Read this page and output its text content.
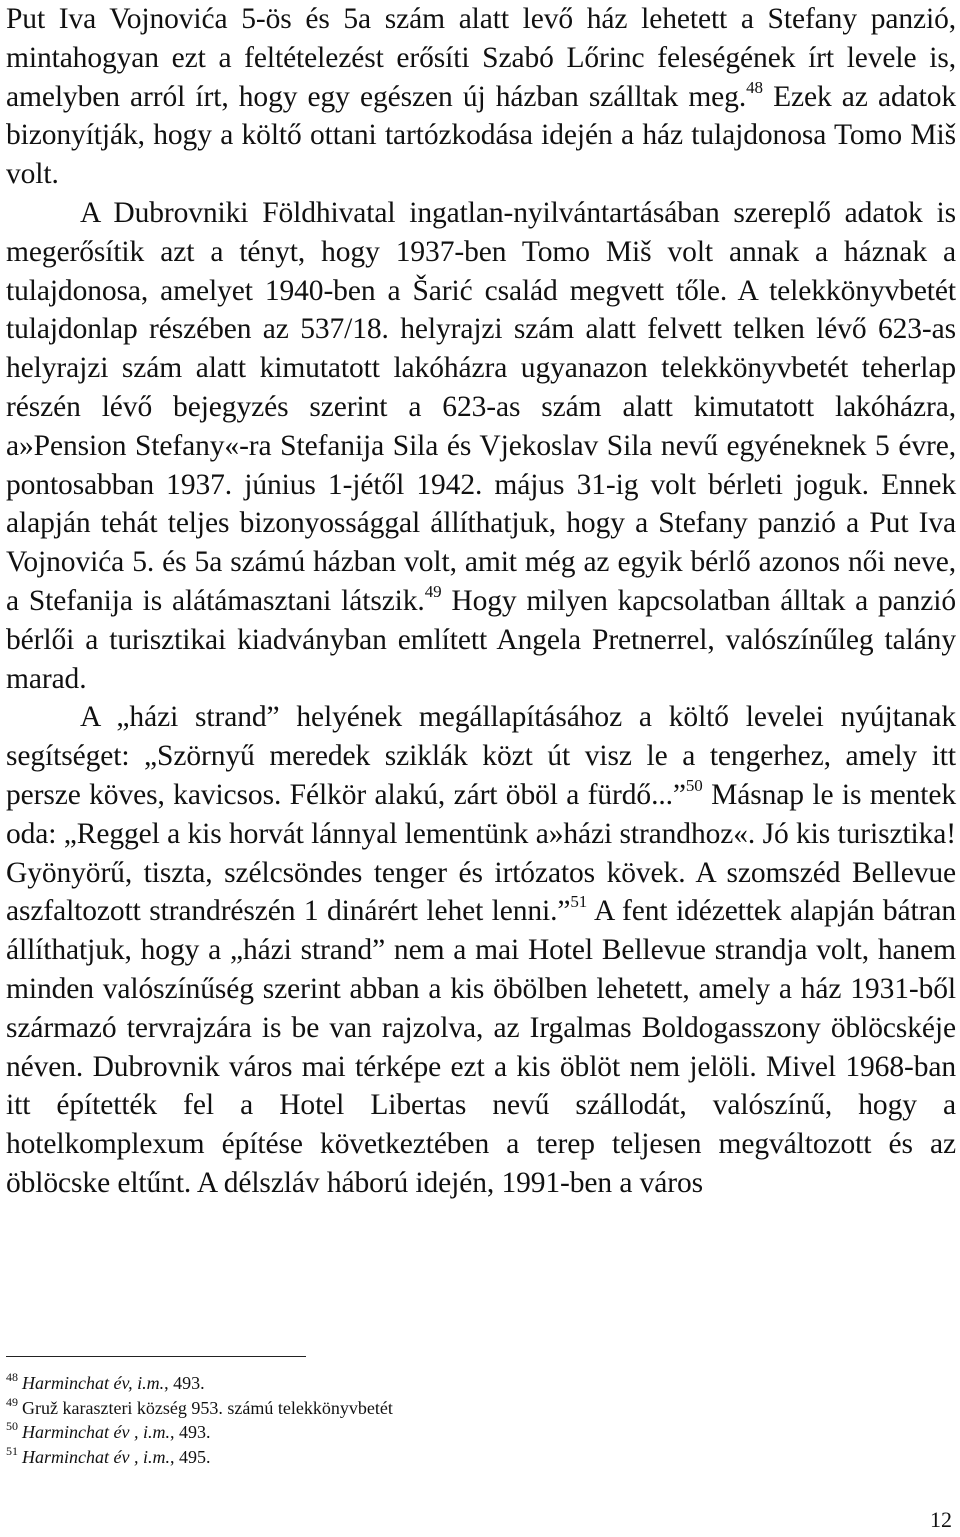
Put Iva Vojnovića 5-ös és 5a szám alatt levő ház lehetett a Stefany panzió, mintahogyan ezt a feltételezést erősíti Szabó Lőrinc feleségének írt levele is, amelyben arról írt, hogy egy egészen új házban szálltak meg.$^{48}$ Ezek az adatok bizonyítják, hogy a költő ottani tartózkodása idején a ház tulajdonosa Tomo Miš volt.

A Dubrovniki Földhivatal ingatlan-nyilvántartásában szereplő adatok is megerősítik azt a tényt, hogy 1937-ben Tomo Miš volt annak a háznak a tulajdonosa, amelyet 1940-ben a Šarić család megvett tőle. A telekkönyvbetét tulajdonlap részében az 537/18. helyrajzi szám alatt felvett telken lévő 623-as helyrajzi szám alatt kimutatott lakóházra ugyanazon telekkönyvbetét teherlap részén lévő bejegyzés szerint a 623-as szám alatt kimutatott lakóházra, a»Pension Stefany«-ra Stefanija Sila és Vjekoslav Sila nevű egyéneknek 5 évre, pontosabban 1937. június 1-jétől 1942. május 31-ig volt bérleti joguk. Ennek alapján tehát teljes bizonyossággal állíthatjuk, hogy a Stefany panzió a Put Iva Vojnovića 5. és 5a számú házban volt, amit még az egyik bérlő azonos női neve, a Stefanija is alátámasztani látszik.$^{49}$ Hogy milyen kapcsolatban álltak a panzió bérlői a turisztikai kiadványban említett Angela Pretnerrel, valószínűleg talány marad.

A „házi strand” helyének megállapításához a költő levelei nyújtanak segítséget: „Szörnyű meredek sziklák közt út visz le a tengerhez, amely itt persze köves, kavicsos. Félkör alakú, zárt öböl a fürdő...”$^{50}$ Másnap le is mentek oda: „Reggel a kis horvát lánnyal lementünk a»házi strandhoz«. Jó kis turisztika! Gyönyörű, tiszta, szélcsöndes tenger és irtózatos kövek. A szomszéd Bellevue aszfaltozott strandrészén 1 dinárért lehet lenni.”$^{51}$ A fent idézettek alapján bátran állíthatjuk, hogy a „házi strand” nem a mai Hotel Bellevue strandja volt, hanem minden valószínűség szerint abban a kis öbölben lehetett, amely a ház 1931-ből származó tervrajzára is be van rajzolva, az Irgalmas Boldogasszony öblöcskéje néven. Dubrovnik város mai térképe ezt a kis öblöt nem jelöli. Mivel 1968-ban itt építették fel a Hotel Libertas nevű szállodát, valószínű, hogy a hotelkomplexum építése következtében a terep teljesen megváltozott és az öblöcske eltűnt. A délszláv háború idején, 1991-ben a város

$^{48}$ Harminchat év, i.m., 493.

$^{49}$ Gruž karaszteri község 953. számú telekkönyvbetét

$^{50}$ Harminchat év , i.m., 493.

$^{51}$ Harminchat év , i.m., 495.

12
